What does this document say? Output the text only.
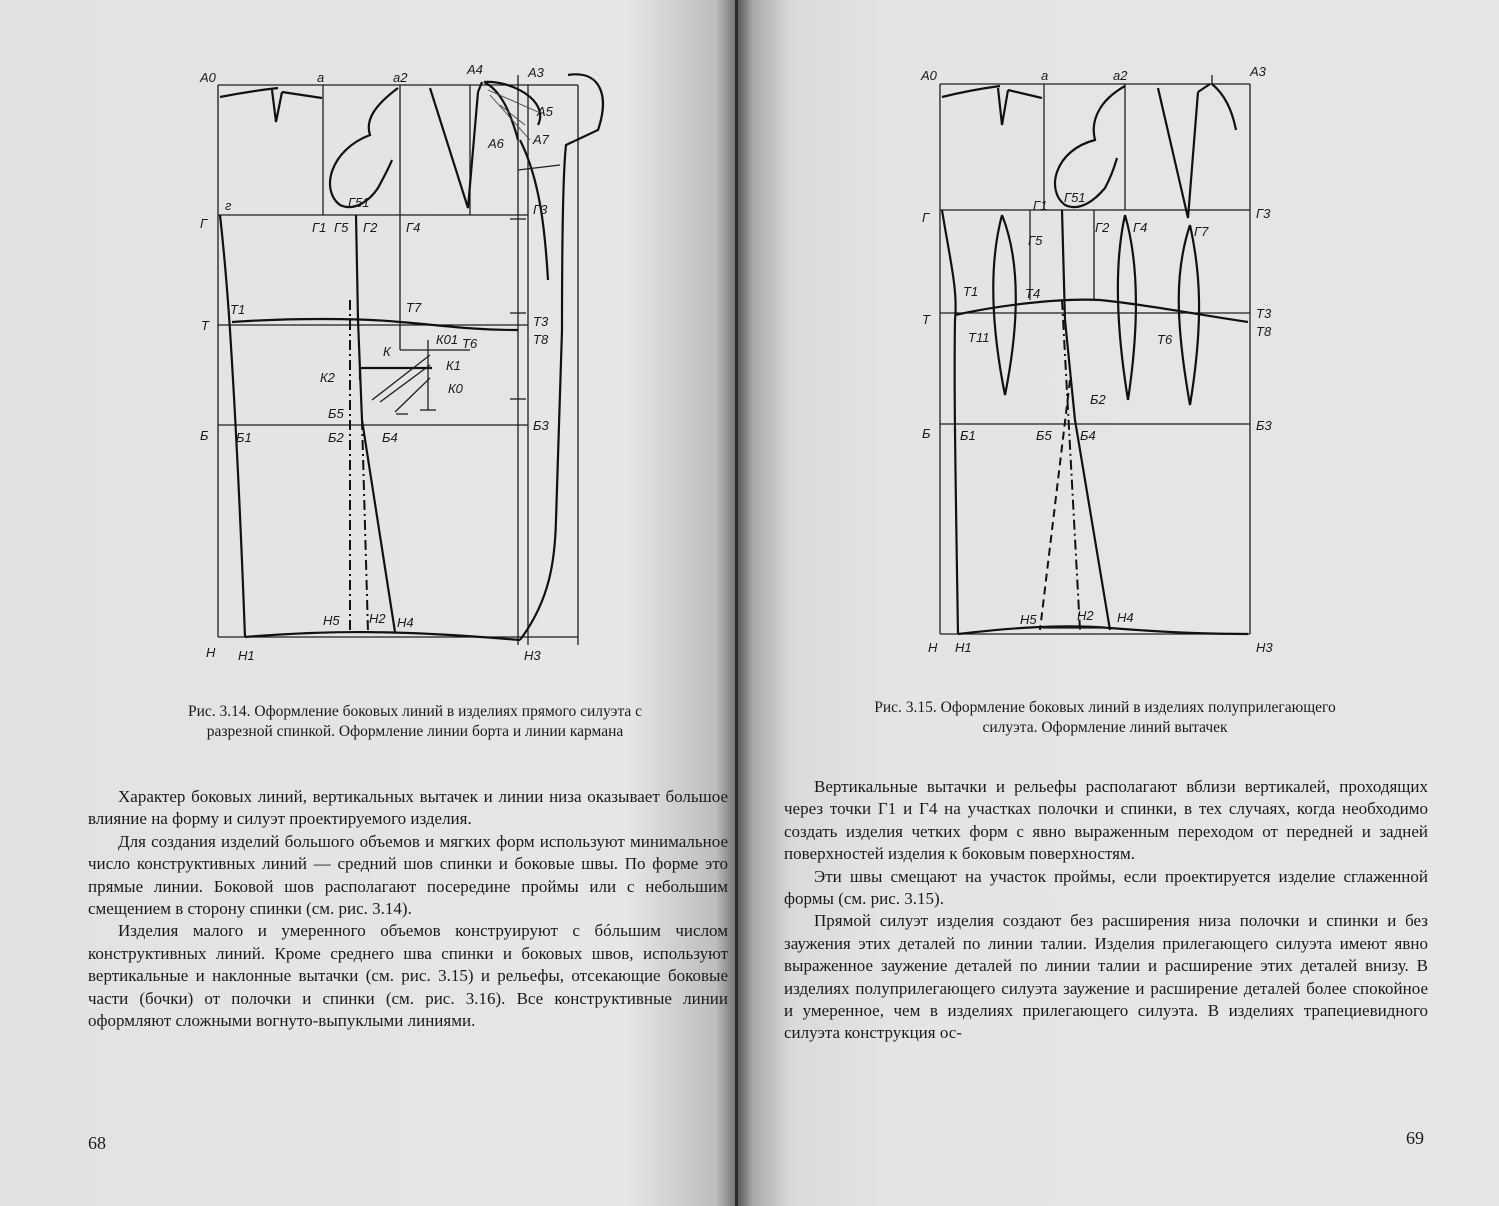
A0	a	a2
A4	A3
A5
A6 A7
Г51
г
Г	Г1 Г5 Г2 Г4
Г3
Т1
Т
Т7
Т3
Т8
К01 Т6
К
К1
К2
К0
Б5
Б Б1	Б2	Б4
Б3
Н5 Н2 Н4
Н Н1	Н3
Рис. 3.14. Оформление боковых линий в изделиях прямого силуэта с
разрезной спинкой. Оформление линии борта и линии кармана

Характер боковых линий, вертикальных вытачек и линии низа оказывает большое влияние на форму и силуэт проектируемого изделия.

Для создания изделий большого объемов и мягких форм используют минимальное число конструктивных линий — средний шов спинки и боковые швы. По форме это прямые линии. Боковой шов располагают посередине проймы или с небольшим смещением в сторону спинки (см. рис. 3.14).

Изделия малого и умеренного объемов конструируют с бóльшим числом конструктивных линий. Кроме среднего шва спинки и боковых швов, используют вертикальные и наклонные вытачки (см. рис. 3.15) и рельефы, отсекающие боковые части (бочки) от полочки и спинки (см. рис. 3.16). Все конструктивные линии оформляют сложными вогнуто-выпуклыми линиями.

68
A0	a	a2	A3
Г1
Г51
Г	Г3
Г5
Г2 Г4	Г7
Т1	Т4
Т	Т3
Т8
Т11	Т6
Б2
Б Б1	Б5 Б4
Б3
Н5	Н2 Н4
Н Н1	Н3
Рис. 3.15. Оформление боковых линий в изделиях полуприлегающего
силуэта. Оформление линий вытачек

Вертикальные вытачки и рельефы располагают вблизи вертикалей, проходящих через точки Г1 и Г4 на участках полочки и спинки, в тех случаях, когда необходимо создать изделия четких форм с явно выраженным переходом от передней и задней поверхностей изделия к боковым поверхностям.

Эти швы смещают на участок проймы, если проектируется изделие сглаженной формы (см. рис. 3.15).

Прямой силуэт изделия создают без расширения низа полочки и спинки и без заужения этих деталей по линии талии. Изделия прилегающего силуэта имеют явно выраженное заужение деталей по линии талии и расширение этих деталей внизу. В изделиях полуприлегающего силуэта заужение и расширение деталей более спокойное и умеренное, чем в изделиях прилегающего силуэта. В изделиях трапециевидного силуэта конструкция ос-

69
